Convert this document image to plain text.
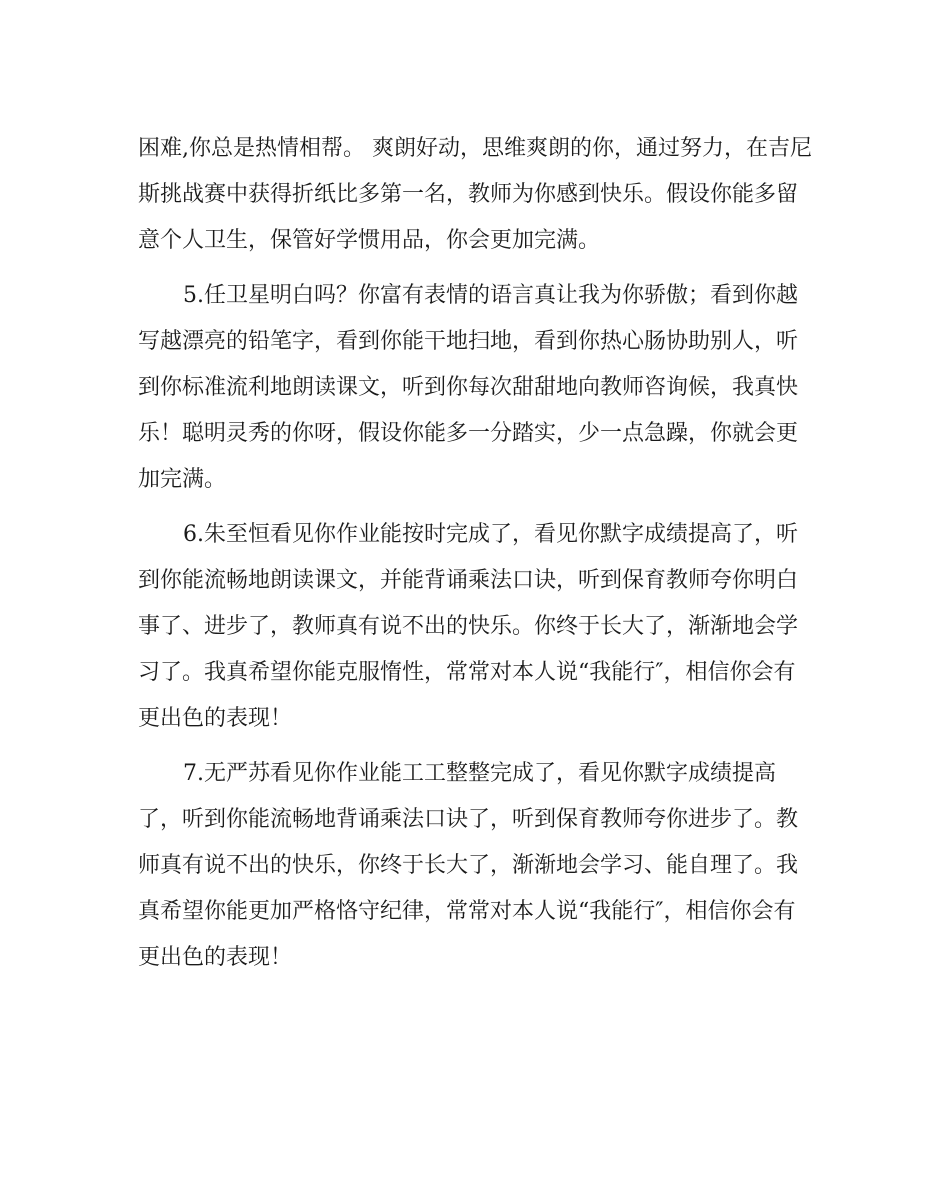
困难,你总是热情相帮。 爽朗好动，思维爽朗的你，通过努力，在吉尼
斯挑战赛中获得折纸比多第一名，教师为你感到快乐。假设你能多留
意个人卫生，保管好学惯用品，你会更加完满。
5.任卫星明白吗？你富有表情的语言真让我为你骄傲；看到你越
写越漂亮的铅笔字，看到你能干地扫地，看到你热心肠协助别人，听
到你标准流利地朗读课文，听到你每次甜甜地向教师咨询候，我真快
乐！聪明灵秀的你呀，假设你能多一分踏实，少一点急躁，你就会更
加完满。
6.朱至恒看见你作业能按时完成了，看见你默字成绩提高了，听
到你能流畅地朗读课文，并能背诵乘法口诀，听到保育教师夸你明白
事了、进步了，教师真有说不出的快乐。你终于长大了，渐渐地会学
习了。我真希望你能克服惰性，常常对本人说“我能行″，相信你会有
更出色的表现！
7.无严苏看见你作业能工工整整完成了，看见你默字成绩提高
了，听到你能流畅地背诵乘法口诀了，听到保育教师夸你进步了。教
师真有说不出的快乐，你终于长大了，渐渐地会学习、能自理了。我
真希望你能更加严格恪守纪律，常常对本人说“我能行″，相信你会有
更出色的表现！
